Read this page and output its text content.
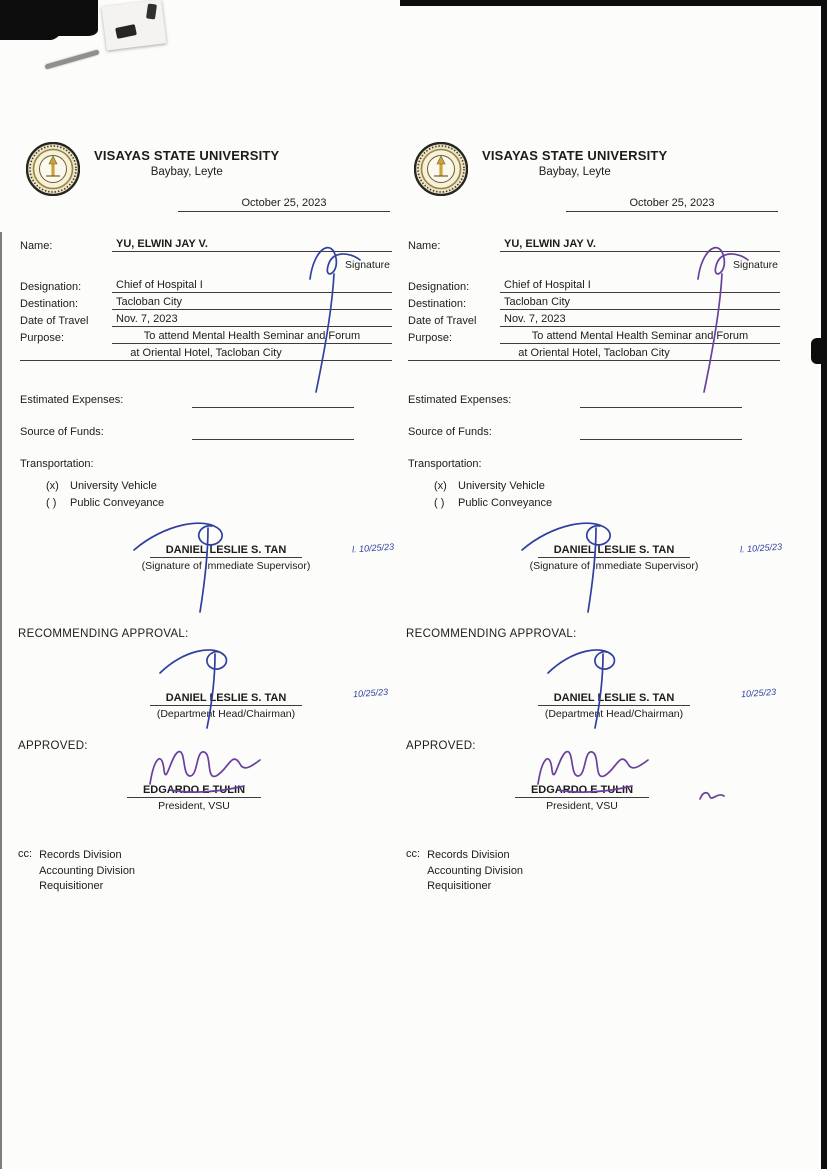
VISAYAS STATE UNIVERSITY
Baybay, Leyte
October 25, 2023
Name:	YU, ELWIN JAY V.
Signature
Designation:	Chief of Hospital I
Destination:	Tacloban City
Date of Travel	Nov. 7, 2023
Purpose:	To attend Mental Health Seminar and Forum
at Oriental Hotel, Tacloban City
Estimated Expenses:
Source of Funds:
Transportation:
(x)	University Vehicle
( )	Public Conveyance
l. 10/25/23
DANIEL LESLIE S. TAN
(Signature of Immediate Supervisor)
RECOMMENDING APPROVAL:
10/25/23
DANIEL LESLIE S. TAN
(Department Head/Chairman)
APPROVED:
EDGARDO E TULIN
President, VSU
cc: Records Division
Accounting Division
Requisitioner
VISAYAS STATE UNIVERSITY
Baybay, Leyte
October 25, 2023
Name:	YU, ELWIN JAY V.
Signature
Designation:	Chief of Hospital I
Destination:	Tacloban City
Date of Travel	Nov. 7, 2023
Purpose:	To attend Mental Health Seminar and Forum
at Oriental Hotel, Tacloban City
Estimated Expenses:
Source of Funds:
Transportation:
(x)	University Vehicle
( )	Public Conveyance
l. 10/25/23
DANIEL LESLIE S. TAN
(Signature of Immediate Supervisor)
RECOMMENDING APPROVAL:
10/25/23
DANIEL LESLIE S. TAN
(Department Head/Chairman)
APPROVED:
EDGARDO E TULIN
President, VSU
cc: Records Division
Accounting Division
Requisitioner
